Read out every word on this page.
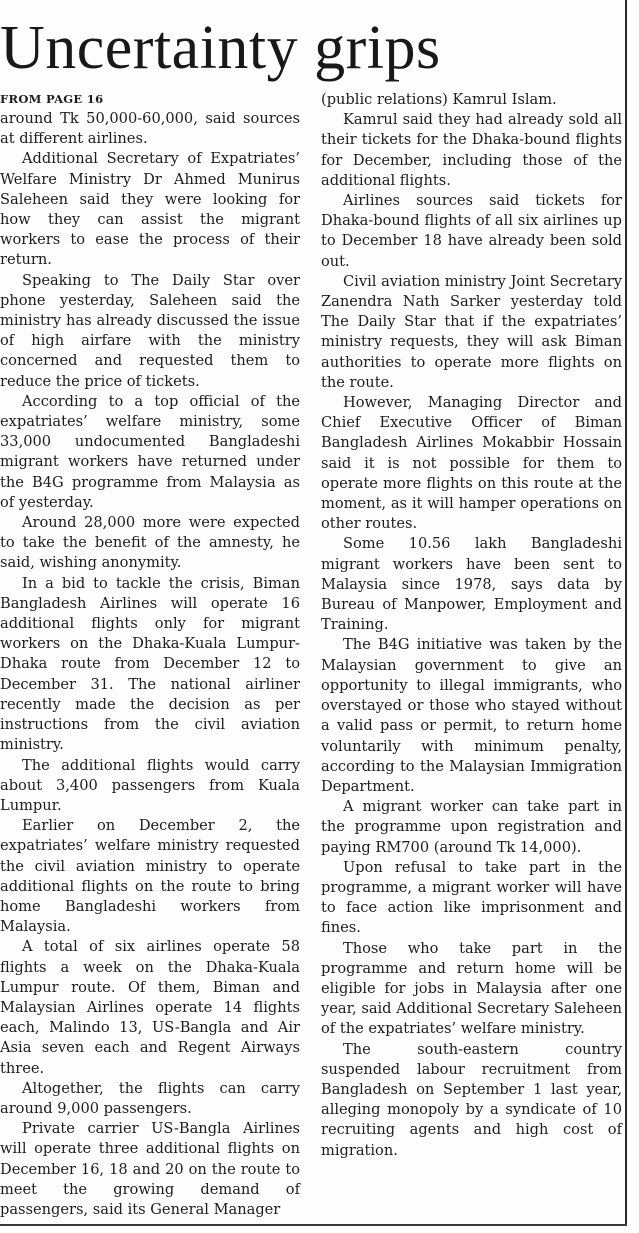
Uncertainty grips
FROM PAGE 16

around Tk 50,000-60,000, said sources at different airlines.

Additional Secretary of Expatriates’ Welfare Ministry Dr Ahmed Munirus Saleheen said they were looking for how they can assist the migrant workers to ease the process of their return.

Speaking to The Daily Star over phone yesterday, Saleheen said the ministry has already discussed the issue of high airfare with the ministry concerned and requested them to reduce the price of tickets.

According to a top official of the expatriates’ welfare ministry, some 33,000 undocumented Bangladeshi migrant workers have returned under the B4G programme from Malaysia as of yesterday.

Around 28,000 more were expected to take the benefit of the amnesty, he said, wishing anonymity.

In a bid to tackle the crisis, Biman Bangladesh Airlines will operate 16 additional flights only for migrant workers on the Dhaka-Kuala Lumpur-Dhaka route from December 12 to December 31. The national airliner recently made the decision as per instructions from the civil aviation ministry.

The additional flights would carry about 3,400 passengers from Kuala Lumpur.

Earlier on December 2, the expatriates’ welfare ministry requested the civil aviation ministry to operate additional flights on the route to bring home Bangladeshi workers from Malaysia.

A total of six airlines operate 58 flights a week on the Dhaka-Kuala Lumpur route. Of them, Biman and Malaysian Airlines operate 14 flights each, Malindo 13, US-Bangla and Air Asia seven each and Regent Airways three.

Altogether, the flights can carry around 9,000 passengers.

Private carrier US-Bangla Airlines will operate three additional flights on December 16, 18 and 20 on the route to meet the growing demand of passengers, said its General Manager

(public relations) Kamrul Islam.

Kamrul said they had already sold all their tickets for the Dhaka-bound flights for December, including those of the additional flights.

Airlines sources said tickets for Dhaka-bound flights of all six airlines up to December 18 have already been sold out.

Civil aviation ministry Joint Secretary Zanendra Nath Sarker yesterday told The Daily Star that if the expatriates’ ministry requests, they will ask Biman authorities to operate more flights on the route.

However, Managing Director and Chief Executive Officer of Biman Bangladesh Airlines Mokabbir Hossain said it is not possible for them to operate more flights on this route at the moment, as it will hamper operations on other routes.

Some 10.56 lakh Bangladeshi migrant workers have been sent to Malaysia since 1978, says data by Bureau of Manpower, Employment and Training.

The B4G initiative was taken by the Malaysian government to give an opportunity to illegal immigrants, who overstayed or those who stayed without a valid pass or permit, to return home voluntarily with minimum penalty, according to the Malaysian Immigration Department.

A migrant worker can take part in the programme upon registration and paying RM700 (around Tk 14,000).

Upon refusal to take part in the programme, a migrant worker will have to face action like imprisonment and fines.

Those who take part in the programme and return home will be eligible for jobs in Malaysia after one year, said Additional Secretary Saleheen of the expatriates’ welfare ministry.

The south-eastern country suspended labour recruitment from Bangladesh on September 1 last year, alleging monopoly by a syndicate of 10 recruiting agents and high cost of migration.
